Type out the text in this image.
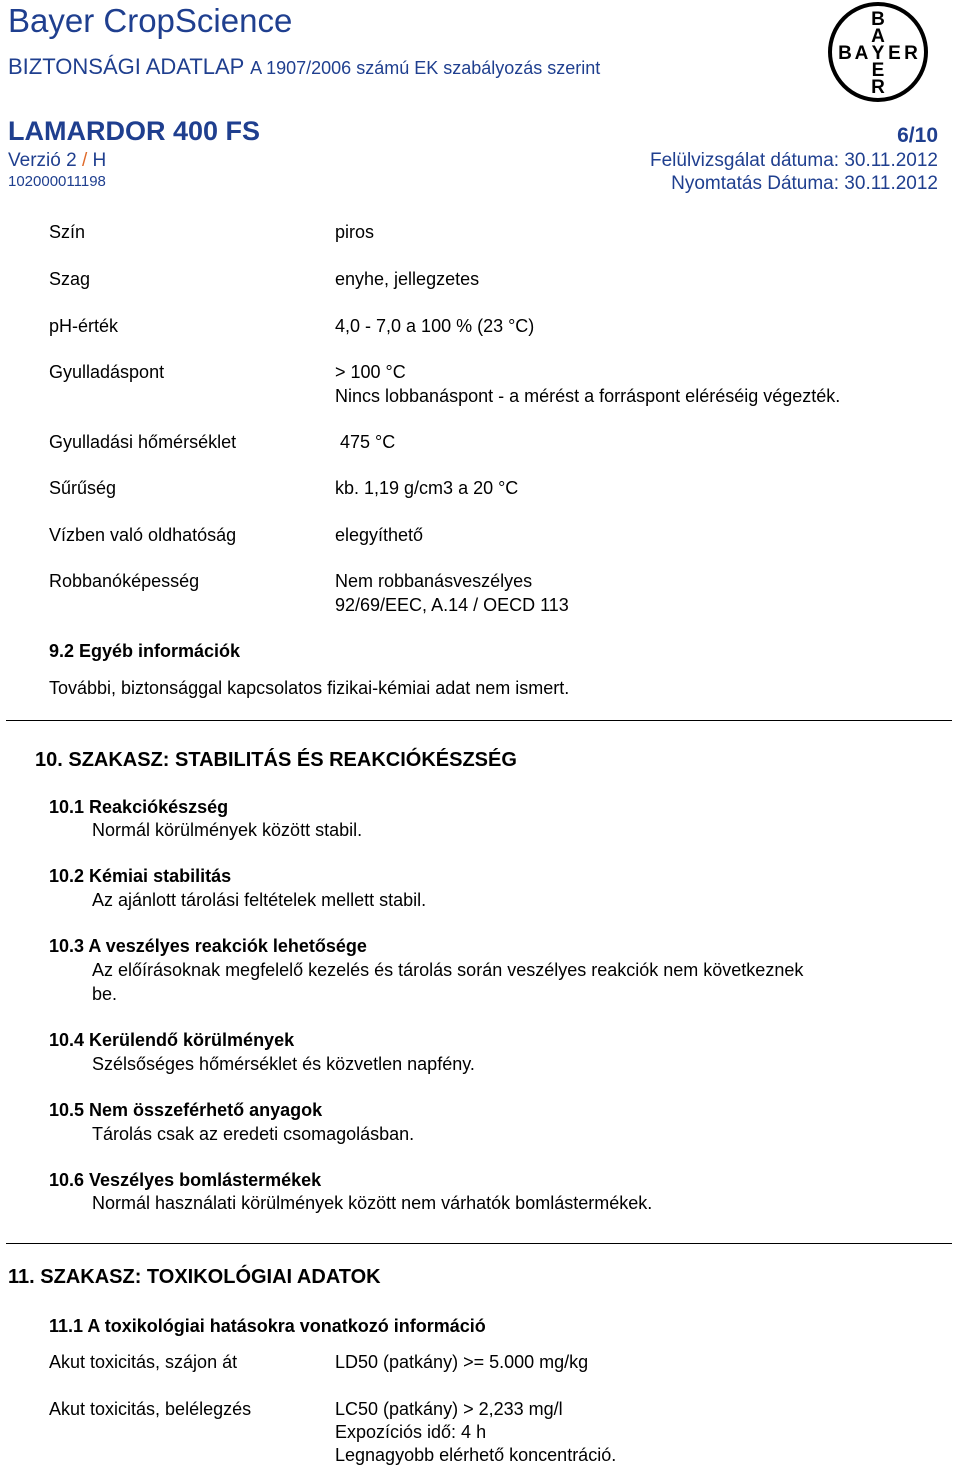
Bayer CropScience
BIZTONSÁGI ADATLAP A 1907/2006 számú EK szabályozás szerint
LAMARDOR 400 FS	6/10
Verzió 2 / H	Felülvizsgálat dátuma: 30.11.2012
102000011198	Nyomtatás Dátuma: 30.11.2012
B
A
B A Y E R
E
R
Szín	piros
Szag	enyhe, jellegzetes
pH-érték	4,0 - 7,0 a 100 % (23 °C)
Gyulladáspont	> 100 °C
Nincs lobbanáspont - a mérést a forráspont eléréséig végezték.
Gyulladási hőmérséklet	475 °C
Sűrűség	kb. 1,19 g/cm3 a 20 °C
Vízben való oldhatóság	elegyíthető
Robbanóképesség	Nem robbanásveszélyes
92/69/EEC, A.14 / OECD 113
9.2 Egyéb információk
További, biztonsággal kapcsolatos fizikai-kémiai adat nem ismert.
10. SZAKASZ: STABILITÁS ÉS REAKCIÓKÉSZSÉG
10.1 Reakciókészség
Normál körülmények között stabil.
10.2 Kémiai stabilitás
Az ajánlott tárolási feltételek mellett stabil.
10.3 A veszélyes reakciók lehetősége
Az előírásoknak megfelelő kezelés és tárolás során veszélyes reakciók nem következnek
be.
10.4 Kerülendő körülmények
Szélsőséges hőmérséklet és közvetlen napfény.
10.5 Nem összeférhető anyagok
Tárolás csak az eredeti csomagolásban.
10.6 Veszélyes bomlástermékek
Normál használati körülmények között nem várhatók bomlástermékek.
11. SZAKASZ: TOXIKOLÓGIAI ADATOK
11.1 A toxikológiai hatásokra vonatkozó információ
Akut toxicitás, szájon át	LD50 (patkány) >= 5.000 mg/kg
Akut toxicitás, belélegzés	LC50 (patkány) > 2,233 mg/l
Expozíciós idő: 4 h
Legnagyobb elérhető koncentráció.
